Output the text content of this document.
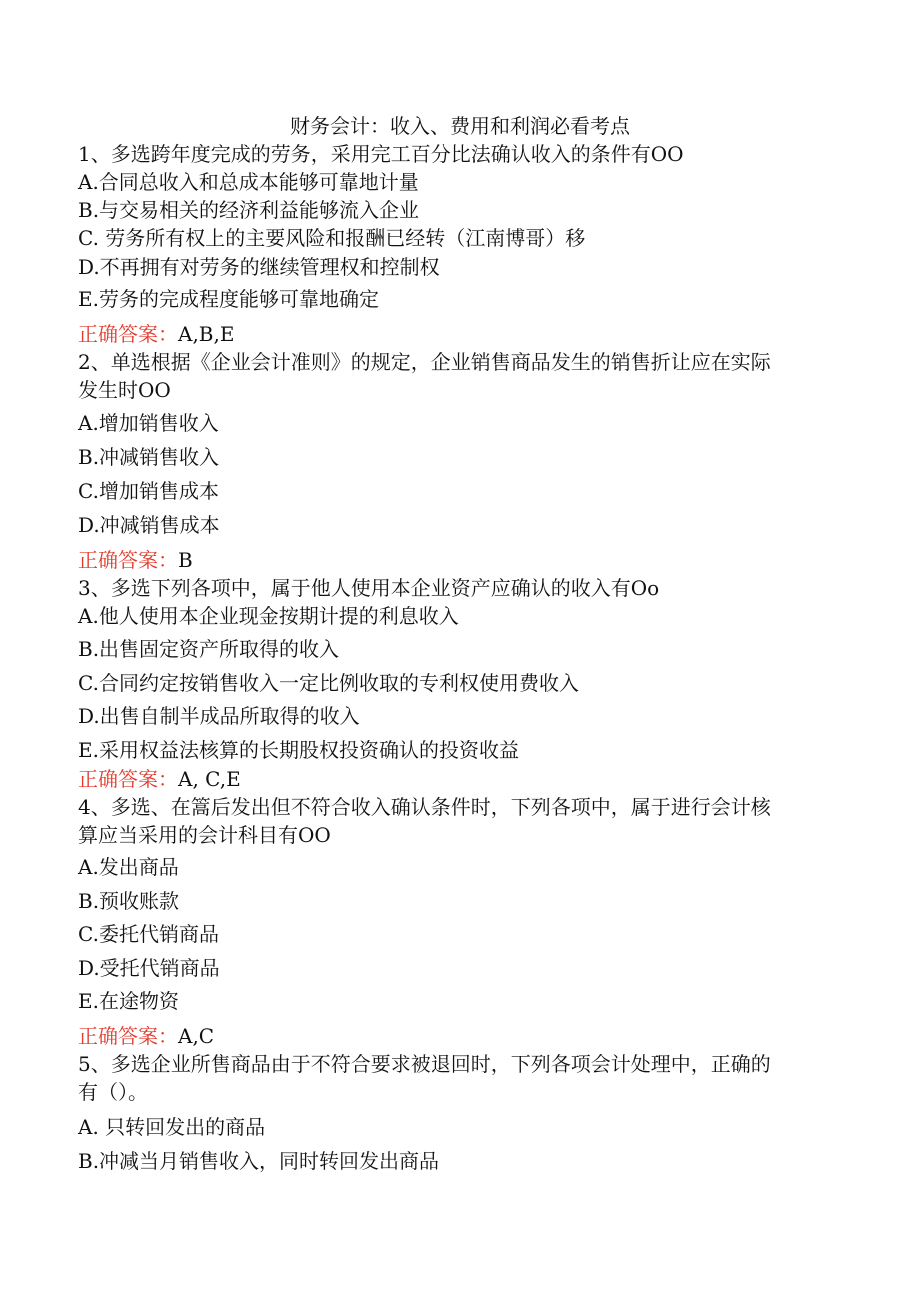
财务会计：收入、费用和利润必看考点
1、多选跨年度完成的劳务，采用完工百分比法确认收入的条件有OO
A.合同总收入和总成本能够可靠地计量
B.与交易相关的经济利益能够流入企业
C. 劳务所有权上的主要风险和报酬已经转（江南博哥）移
D.不再拥有对劳务的继续管理权和控制权
E.劳务的完成程度能够可靠地确定
正确答案：A,B,E
2、单选根据《企业会计准则》的规定，企业销售商品发生的销售折让应在实际
发生时OO
A.增加销售收入
B.冲减销售收入
C.增加销售成本
D.冲减销售成本
正确答案：B
3、多选下列各项中，属于他人使用本企业资产应确认的收入有Oo
A.他人使用本企业现金按期计提的利息收入
B.出售固定资产所取得的收入
C.合同约定按销售收入一定比例收取的专利权使用费收入
D.出售自制半成品所取得的收入
E.采用权益法核算的长期股权投资确认的投资收益
正确答案：A, C,E
4、多选、在篙后发出但不符合收入确认条件时，下列各项中，属于进行会计核
算应当采用的会计科目有OO
A.发出商品
B.预收账款
C.委托代销商品
D.受托代销商品
E.在途物资
正确答案：A,C
5、多选企业所售商品由于不符合要求被退回时，下列各项会计处理中，正确的
有（）。
A. 只转回发出的商品
B.冲减当月销售收入，同时转回发出商品
